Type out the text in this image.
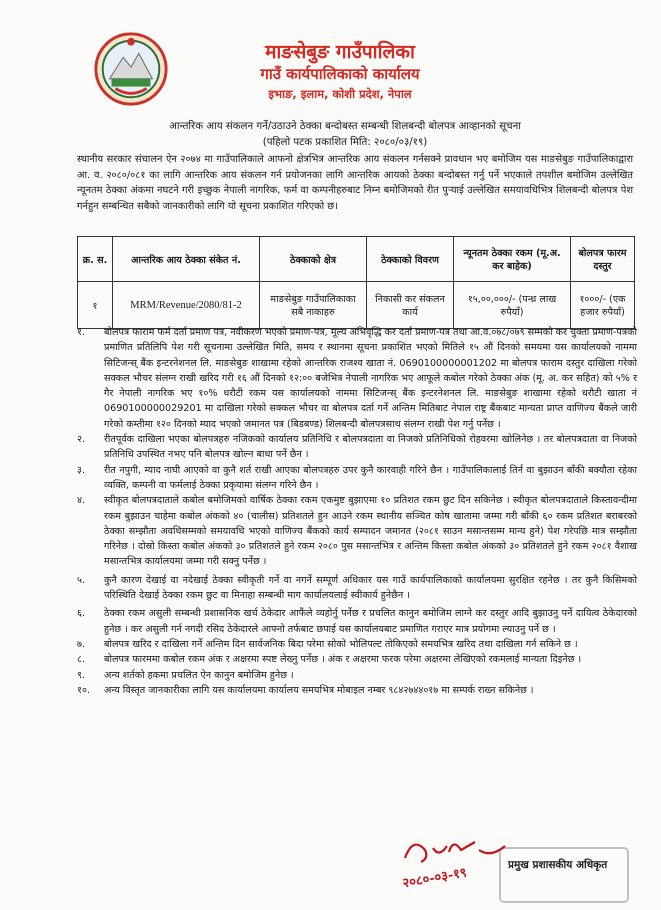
माङसेबुङ गाउँपालिका
गाउँ कार्यपालिकाको कार्यालय
इभाङ, इलाम, कोशी प्रदेश, नेपाल
आन्तरिक आय संकलन गर्ने/उठाउने ठेक्का बन्दोबस्त सम्बन्धी शिलबन्दी बोलपत्र आव्हानको सूचना
(पहिलो पटक प्रकाशित मिति: २०८०/०३/१९)
स्थानीय सरकार संचालन ऐन २०७४ मा गाउँपालिकाले आफनो क्षेत्रभित्र आन्तरिक आय संकलन गर्नसक्ने प्रावधान भए बमोजिम यस माङसेबुङ गाउँपालिकाद्वारा आ. व. २०८०/०८१ का लागि आन्तरिक आय संकलन गर्न प्रयोजनका लागि आन्तरिक आयको ठेक्का बन्दोबस्त गर्नु पर्ने भएकाले तपशील बमोजिम उल्लेखित न्यूनतम ठेक्का अंकमा नघटने गरी इच्छुक नेपाली नागरिक, फर्म वा कम्पनीहरुबाट निम्न बमोजिमको रीत पुऱ्याई उल्लेखित समयावधिभित्र शिलबन्दी बोलपत्र पेश गर्नहुन सम्बन्धित सबैको जानकारीको लागि यो सूचना प्रकाशित गरिएको छ।
क्र. स.	आन्तरिक आय ठेक्का संकेत नं.	ठेक्काको क्षेत्र	ठेक्काको विवरण	न्यूनतम ठेक्का रकम (मू.अ. कर बाहेक)	बोलपत्र फारम दस्तुर
१	MRM/Revenue/2080/81-2	माङसेबुङ गाउँपालिकाका सबै नाकाहरु	निकासी कर संकलन कार्य	१५,००,०००/- (पन्ध्र लाख रुपैयाँ)	१०००/- (एक हजार रुपैयाँ)
१.	बोलपत्र फाराम फर्म दर्ता प्रमाण पत्र, नवीकरण भएको प्रमाण-पत्र, मूल्य अभिवृद्धि कर दर्ता प्रमाण-पत्र तथा आ.व.०७८/०७९ सम्मको कर चुक्ता प्रमाण-पत्रको प्रमाणित प्रतिलिपि पेश गरी सूचनामा उल्लेखित मिति, समय र स्थानमा सूचना प्रकाशित भएको मितिले १५ औं दिनको समयमा यस कार्यालयको नाममा सिटिजन्स् बैंक इन्टरनेशनल लि. माङसेबुङ शाखामा रहेको आन्तरिक राजश्व खाता नं. 0690100000001202 मा बोलपत्र फाराम दस्तुर दाखिला गरेको सक्कल भौचर संलग्न राखी खरिद गरी १६ औं दिनको १२:०० बजेभित्र नेपाली नागरिक भए आफूले कबोल गरेको ठेक्का अंक (मू. अ. कर सहित) को ५% र गैर नेपाली नागरिक भए १०% धरौटी रकम यस कार्यालयको नाममा सिटिजन्स् बैंक इन्टरनेशनल लि. माङसेबुङ शाखामा रहेको धरौटी खाता नं 0690100000029201 मा दाखिला गरेको सक्कल भौचर वा बोलपत्र दर्ता गर्ने अन्तिम मितिबाट नेपाल राष्ट्र बैंकबाट मान्यता प्राप्त वाणिज्य बैंकले जारी गरेको कम्तीमा १२० दिनको म्याद भएको जमानत पत्र (बिडबण्ड) शिलबन्दी बोलपत्रसाथ संलग्न राखी पेश गर्नु पर्नेछ ।
२.	रीतपूर्वक दाखिला भएका बोलपत्रहरु नजिकको कार्यालय प्रतिनिधि र बोलपत्रदाता वा निजको प्रतिनिधिको रोहवरमा खोलिनेछ । तर बोलपत्रदाता वा निजको प्रतिनिधि उपस्थित नभए पनि बोलपत्र खोल्न बाधा पर्ने छैन ।
३.	रीत नपुगी, म्याद नाघी आएको वा कुनै शर्त राखी आएका बोलपत्रहरु उपर कुनै कारवाही गरिने छैन । गाउँपालिकालाई तिर्न वा बुझाउन बाँकी बक्यौता रहेका व्यक्ति, कम्पनी वा फर्मलाई ठेक्का प्रकृयामा संलग्न गरिने छैन ।
४.	स्वीकृत बोलपत्रदाताले कबोल बमोजिमको वार्षिक ठेक्का रकम एकमुष्ट बुझाएमा १० प्रतिशत रकम छुट दिन सकिनेछ । स्वीकृत बोलपत्रदाताले किस्तावन्दीमा रकम बुझाउन चाहेमा कबोल अंकको ४० (चालीस) प्रतिशतले हुन आउने रकम स्थानीय सञ्चित कोष खातामा जम्मा गरी बाँकी ६० रकम प्रतिशत बराबरको ठेक्का सम्झौता अवधिसम्मको समयावधि भएको वाणिज्य बैंकको कार्य सम्पादन जमानत (२०८१ साउन मसान्तसम्म मान्य हुने) पेश गरेपछि मात्र सम्झौता गरिनेछ । दोस्रो किस्ता कबोल अंकको ३० प्रतिशतले हुने रकम २०८० पुस मसान्तभित्र र अन्तिम किस्ता कबोल अंकको ३० प्रतिशतले हुने रकम २०८१ वैशाख मसान्तभित्र कार्यालयमा जम्मा गरी सक्नु पर्नेछ ।
५.	कुनै कारण देखाई वा नदेखाई ठेक्का स्वीकृती गर्ने वा नगर्ने सम्पूर्ण अधिकार यस गाउँ कार्यपालिकाको कार्यालयमा सुरक्षित रहनेछ । तर कुनै किसिमको परिस्थिति देखाई ठेक्का रकम छुट वा मिनाहा सम्बन्धी माग कार्यालयलाई स्वीकार्य हुनेछैन ।
६.	ठेक्का रकम असुली सम्बन्धी प्रशासनिक खर्च ठेकेदार आफैंले व्यहोर्नु पर्नेछ र प्रचलित कानुन बमोजिम लाग्ने कर दस्तुर आदि बुझाउनु पर्ने दायित्व ठेकेदारको हुनेछ । कर असुली गर्न नगदी रसिद ठेकेदारले आफ्नो तर्फबाट छपाई यस कार्यालयबाट प्रमाणित गराएर मात्र प्रयोगमा ल्याउनु पर्ने छ ।
७.	बोलपत्र खरिद र दाखिला गर्ने अन्तिम दिन सार्वजनिक बिदा परेमा सोको भोलिपल्ट तोकिएको समयभित्र खरिद तथा दाखिला गर्न सकिने छ ।
८.	बोलपत्र फारममा कबोल रकम अंक र अक्षरमा स्पष्ट लेख्नु पर्नेछ । अंक र अक्षरमा फरक परेमा अक्षरमा लेखिएको रकमलाई मान्यता दिइनेछ ।
९.	अन्य शर्तको हकमा प्रचलित ऐन कानुन बमोजिम हुनेछ ।
१०.	अन्य विस्तृत जानकारीका लागि यस कार्यालयमा कार्यालय समयभित्र मोबाइल नम्बर ९८४२७४४०१७ मा सम्पर्क राख्न सकिनेछ ।
प्रमुख प्रशासकीय अधिकृत
२०८०-०३-१९
